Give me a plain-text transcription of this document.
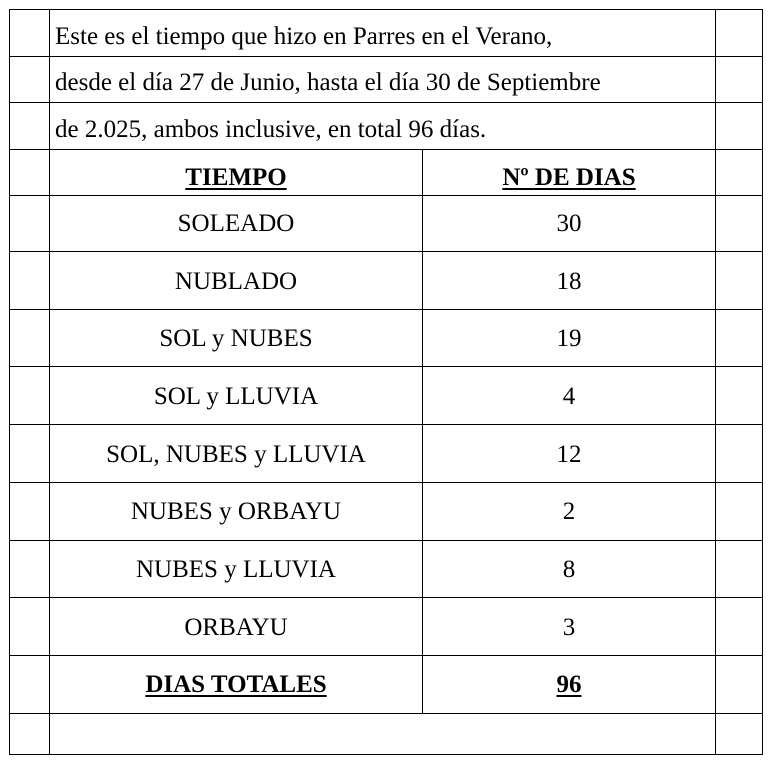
Este es el tiempo que hizo en Parres en el Verano,
desde el día 27 de Junio, hasta el día 30 de Septiembre
de 2.025, ambos inclusive, en total 96 días.
TIEMPO	Nº DE DIAS
SOLEADO	30
NUBLADO	18
SOL y NUBES	19
SOL y LLUVIA	4
SOL, NUBES y LLUVIA	12
NUBES y ORBAYU	2
NUBES y LLUVIA	8
ORBAYU	3
DIAS TOTALES	96
